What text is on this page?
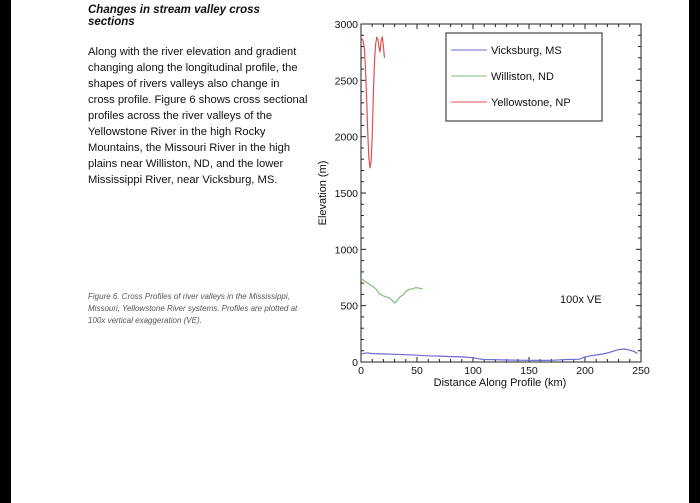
Changes in stream valley cross sections

Along with the river elevation and gradient changing along the longitudinal profile, the shapes of rivers valleys also change in cross profile. Figure 6 shows cross sectional profiles across the river valleys of the Yellowstone River in the high Rocky Mountains, the Missouri River in the high plains near Williston, ND, and the lower Mississippi River, near Vicksburg, MS.

Figure 6. Cross Profiles of river valleys in the Mississippi, Missouri, Yellowstone River systems. Profiles are plotted at 100x vertical exaggeration (VE).
0
500
1000
1500
2000
2500
3000
0	50	100	150	200	250
Distance Along Profile (km)
Elevation (m)
100x VE
Vicksburg, MS
Williston, ND
Yellowstone, NP
